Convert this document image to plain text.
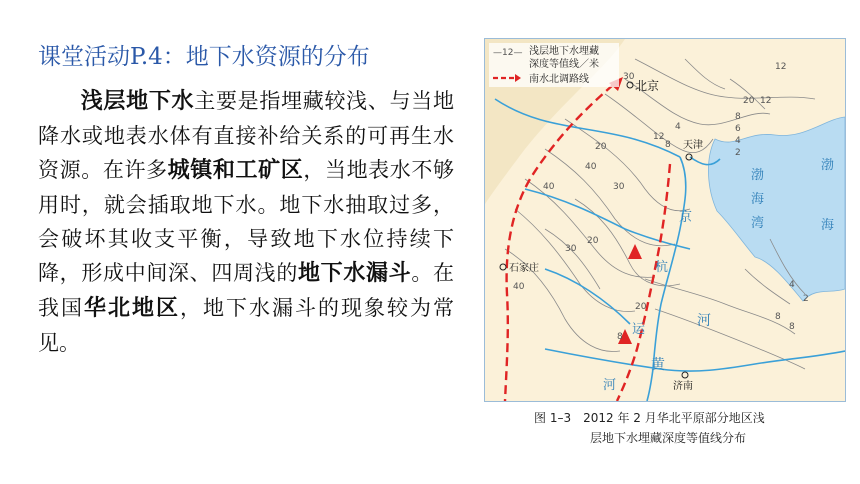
课堂活动P.4：地下水资源的分布

浅层地下水主要是指埋藏较浅、与当地降水或地表水体有直接补给关系的可再生水资源。在许多城镇和工矿区，当地表水不够用时，就会插取地下水。地下水抽取过多，会破坏其收支平衡，导致地下水位持续下降，形成中间深、四周浅的地下水漏斗。在我国华北地区，地下水漏斗的现象较为常见。

—12— 浅层地下水埋藏
深度等值线／米
南水北调路线	北京
天津
石家庄
济南
渤
海
湾
渤
海
京
杭
运
河
黄
河
30
40
20 12
8
6
4
2
4
12
8
20
30
40
30
20
40	4
2
8
8
20
8
12
图 1–3　2012 年 2 月华北平原部分地区浅
层地下水埋藏深度等值线分布
